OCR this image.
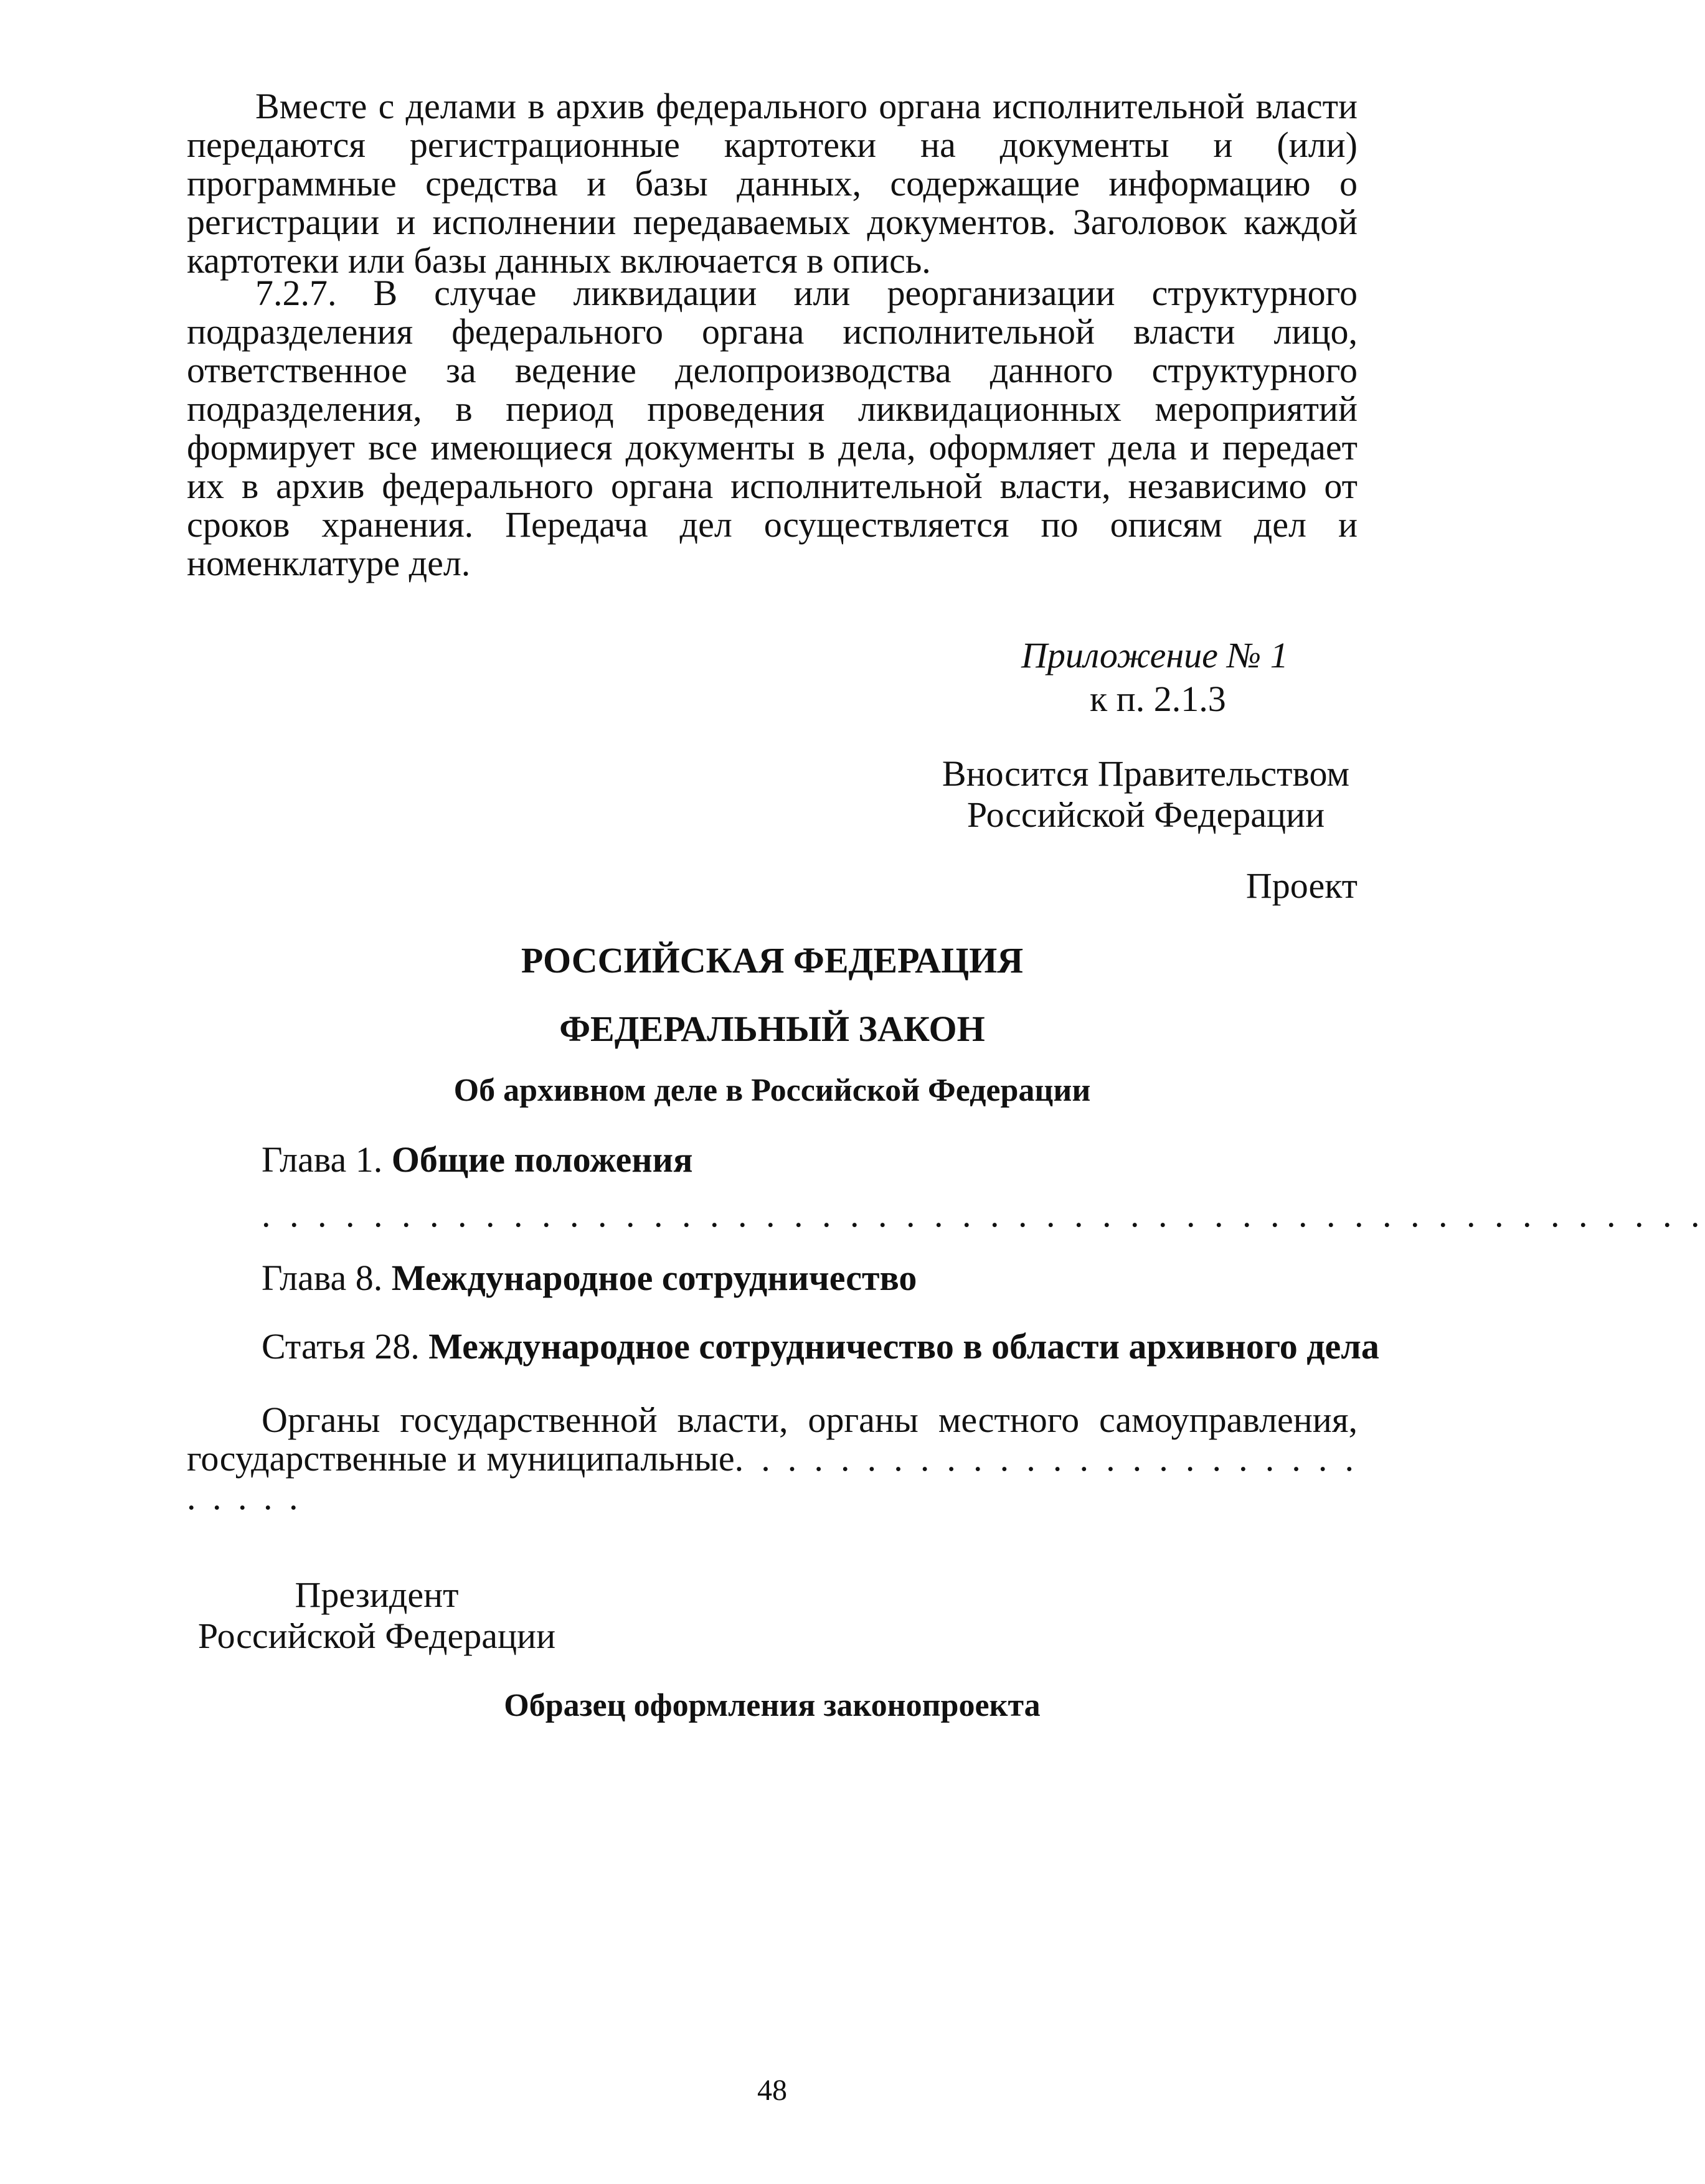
Вместе с делами в архив федерального органа исполнительной власти передаются регистрационные картотеки на документы и (или) программные средства и базы данных, содержащие информацию о регистрации и исполнении передаваемых документов. Заголовок каждой картотеки или базы данных включается в опись.

7.2.7. В случае ликвидации или реорганизации структурного подразделения федерального органа исполнительной власти лицо, ответственное за ведение делопроизводства данного структурного подразделения, в период проведения ликвидационных мероприятий формирует все имеющиеся документы в дела, оформляет дела и передает их в архив федерального органа исполнительной власти, независимо от сроков хранения. Передача дел осуществляется по описям дел и номенклатуре дел.

Приложение № 1
к п. 2.1.3
Вносится Правительством
Российской Федерации
Проект
РОССИЙСКАЯ ФЕДЕРАЦИЯ
ФЕДЕРАЛЬНЫЙ ЗАКОН
Об архивном деле в Российской Федерации
Глава 1. Общие положения
. . . . . . . . . . . . . . . . . . . . . . . . . . . . . . . . . . . . . . . . . . . . . . . . . . . .
Глава 8. Международное сотрудничество
Статья 28. Международное сотрудничество в области архивного дела
Органы государственной власти, органы местного самоуправления, государственные и муниципальные. . . . . . . . . . . . . . . . . . . . . . . . . . . . .
Президент
Российской Федерации
Образец оформления законопроекта
48
